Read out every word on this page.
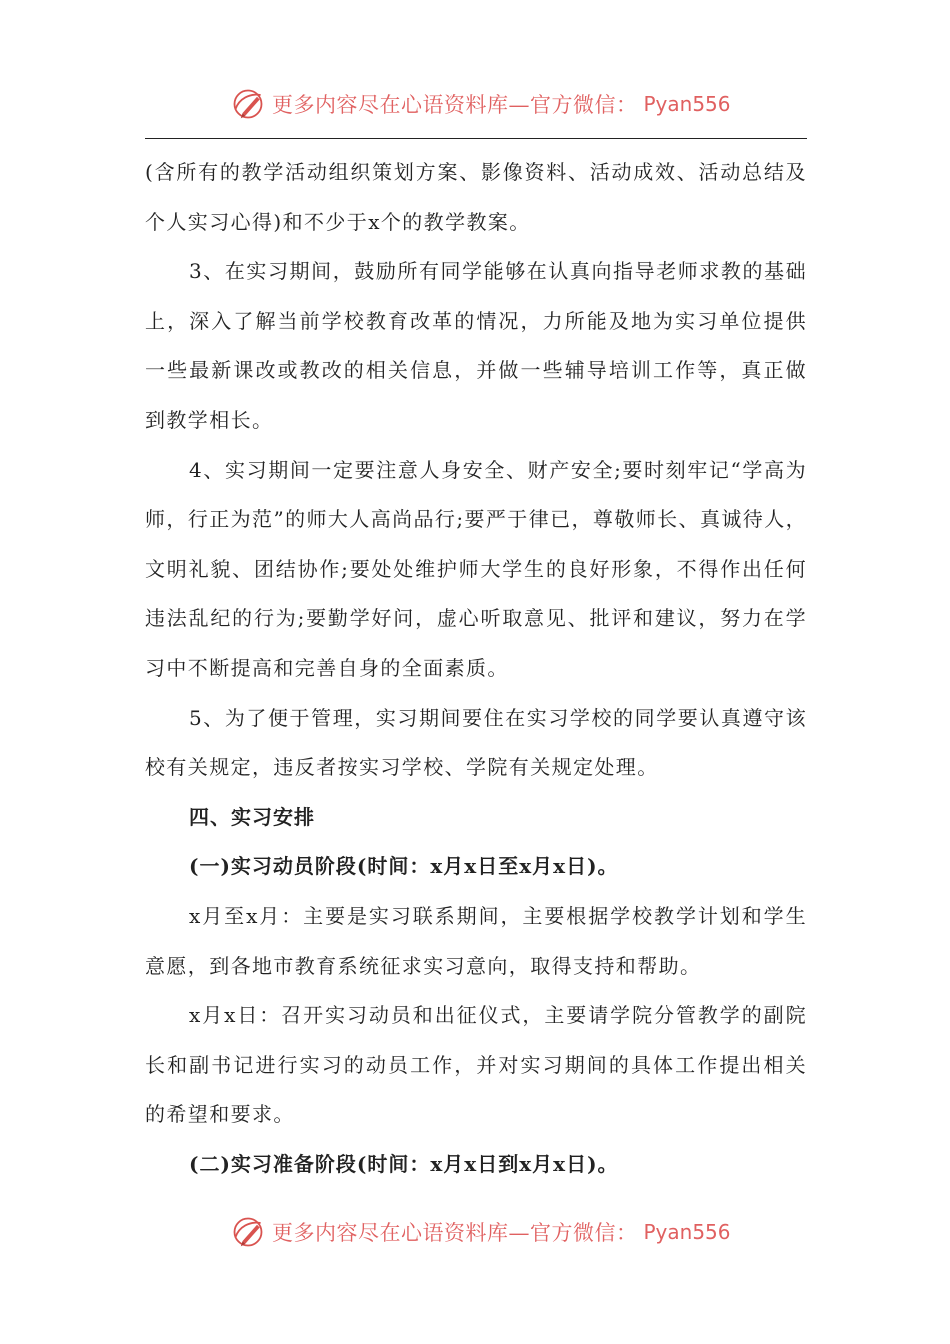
更多内容尽在心语资料库—官方微信： Pyan556

(含所有的教学活动组织策划方案、影像资料、活动成效、活动总结及个人实习心得)和不少于x个的教学教案。

3、在实习期间，鼓励所有同学能够在认真向指导老师求教的基础上，深入了解当前学校教育改革的情况，力所能及地为实习单位提供一些最新课改或教改的相关信息，并做一些辅导培训工作等，真正做到教学相长。

4、实习期间一定要注意人身安全、财产安全;要时刻牢记“学高为师，行正为范”的师大人高尚品行;要严于律已，尊敬师长、真诚待人，文明礼貌、团结协作;要处处维护师大学生的良好形象，不得作出任何违法乱纪的行为;要勤学好问，虚心听取意见、批评和建议，努力在学习中不断提高和完善自身的全面素质。

5、为了便于管理，实习期间要住在实习学校的同学要认真遵守该校有关规定，违反者按实习学校、学院有关规定处理。

四、实习安排

(一)实习动员阶段(时间：x月x日至x月x日)。

x月至x月：主要是实习联系期间，主要根据学校教学计划和学生意愿，到各地市教育系统征求实习意向，取得支持和帮助。

x月x日：召开实习动员和出征仪式，主要请学院分管教学的副院长和副书记进行实习的动员工作，并对实习期间的具体工作提出相关的希望和要求。

(二)实习准备阶段(时间：x月x日到x月x日)。

更多内容尽在心语资料库—官方微信： Pyan556
